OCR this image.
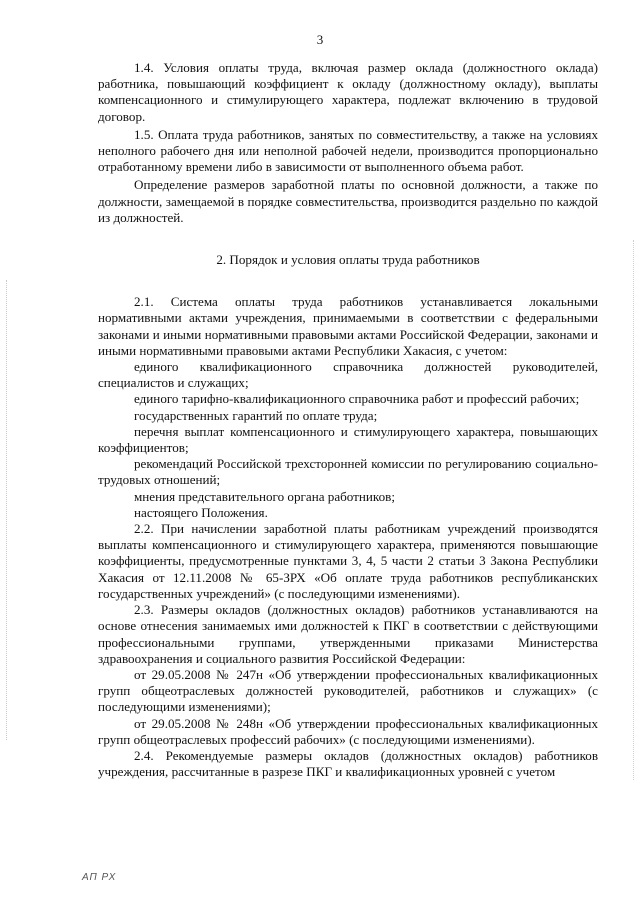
3

1.4. Условия оплаты труда, включая размер оклада (должностного оклада) работника, повышающий коэффициент к окладу (должностному окладу), выплаты компенсационного и стимулирующего характера, подлежат включению в трудовой договор.

1.5. Оплата труда работников, занятых по совместительству, а также на условиях неполного рабочего дня или неполной рабочей недели, производится пропорционально отработанному времени либо в зависимости от выполненного объема работ.

Определение размеров заработной платы по основной должности, а также по должности, замещаемой в порядке совместительства, производится раздельно по каждой из должностей.

2. Порядок и условия оплаты труда работников

2.1. Система оплаты труда работников устанавливается локальными нормативными актами учреждения, принимаемыми в соответствии с федеральными законами и иными нормативными правовыми актами Российской Федерации, законами и иными нормативными правовыми актами Республики Хакасия, с учетом:

единого квалификационного справочника должностей руководителей, специалистов и служащих;

единого тарифно-квалификационного справочника работ и профессий рабочих;

государственных гарантий по оплате труда;

перечня выплат компенсационного и стимулирующего характера, повышающих коэффициентов;

рекомендаций Российской трехсторонней комиссии по регулированию социально-трудовых отношений;

мнения представительного органа работников;

настоящего Положения.

2.2. При начислении заработной платы работникам учреждений производятся выплаты компенсационного и стимулирующего характера, применяются повышающие коэффициенты, предусмотренные пунктами 3, 4, 5 части 2 статьи 3 Закона Республики Хакасия от 12.11.2008 № 65-ЗРХ «Об оплате труда работников республиканских государственных учреждений» (с последующими изменениями).

2.3. Размеры окладов (должностных окладов) работников устанавливаются на основе отнесения занимаемых ими должностей к ПКГ в соответствии с действующими профессиональными группами, утвержденными приказами Министерства здравоохранения и социального развития Российской Федерации:

от 29.05.2008 № 247н «Об утверждении профессиональных квалификационных групп общеотраслевых должностей руководителей, работников и служащих» (с последующими изменениями);

от 29.05.2008 № 248н «Об утверждении профессиональных квалификационных групп общеотраслевых профессий рабочих» (с последующими изменениями).

2.4. Рекомендуемые размеры окладов (должностных окладов) работников учреждения, рассчитанные в разрезе ПКГ и квалификационных уровней с учетом

АП РХ
